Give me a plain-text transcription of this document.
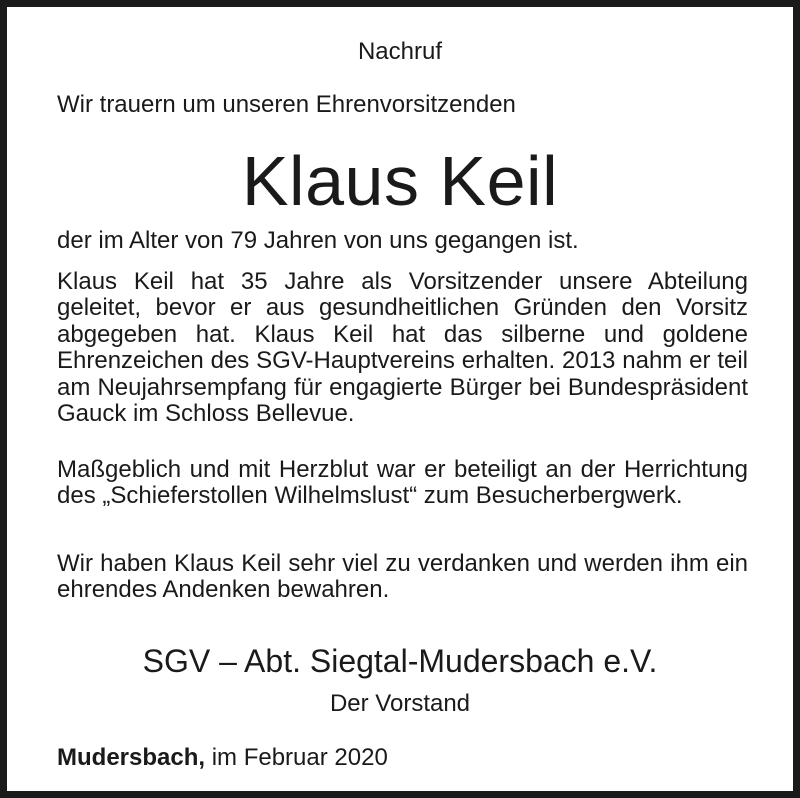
Nachruf
Wir trauern um unseren Ehrenvorsitzenden
Klaus Keil
der im Alter von 79 Jahren von uns gegangen ist.
Klaus Keil hat 35 Jahre als Vorsitzender unsere Abteilung geleitet, bevor er aus gesundheitlichen Gründen den Vorsitz abgegeben hat. Klaus Keil hat das silberne und goldene Ehrenzeichen des SGV-Hauptvereins erhalten. 2013 nahm er teil am Neujahrsempfang für engagierte Bürger bei Bundespräsident Gauck im Schloss Bellevue.
Maßgeblich und mit Herzblut war er beteiligt an der Herrichtung des „Schieferstollen Wilhelmslust“ zum Besucherbergwerk.
Wir haben Klaus Keil sehr viel zu verdanken und werden ihm ein ehrendes Andenken bewahren.
SGV – Abt. Siegtal-Mudersbach e.V.
Der Vorstand
Mudersbach, im Februar 2020
